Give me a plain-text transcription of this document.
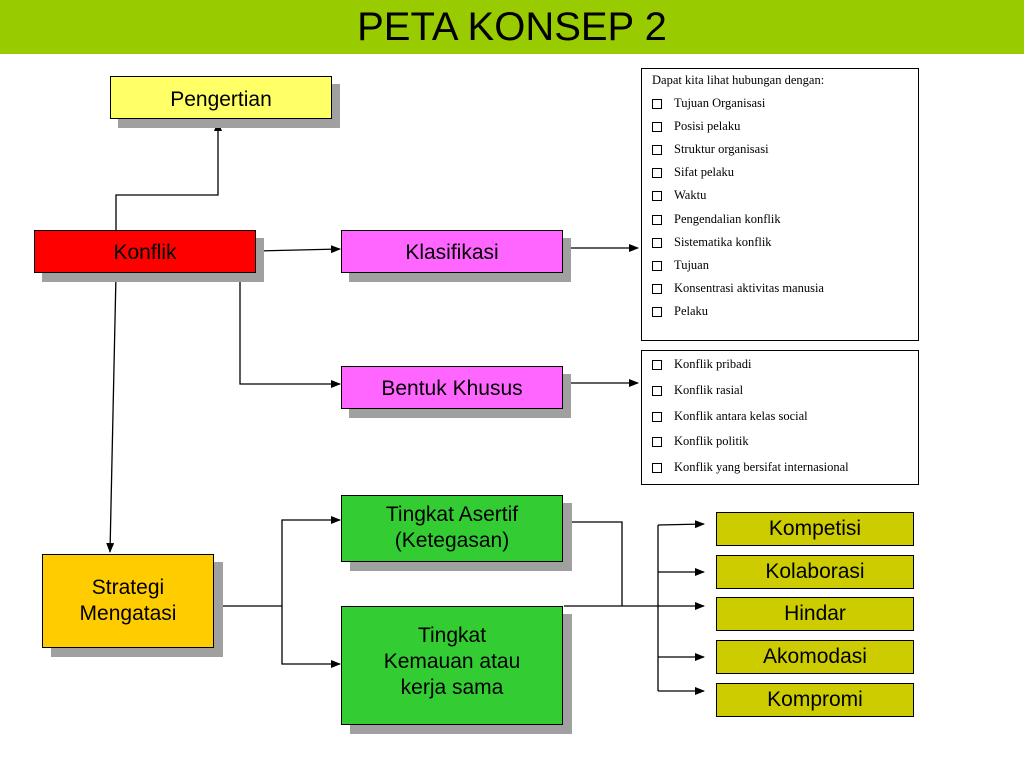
PETA KONSEP 2
Pengertian
Konflik	Klasifikasi
Bentuk Khusus
Dapat kita lihat hubungan dengan:
Tujuan Organisasi
Posisi pelaku
Struktur organisasi
Sifat pelaku
Waktu
Pengendalian konflik
Sistematika konflik
Tujuan
Konsentrasi aktivitas manusia
Pelaku
Konflik pribadi
Konflik rasial
Konflik antara kelas social
Konflik politik
Konflik yang bersifat internasional
Strategi
Mengatasi
Tingkat Asertif
(Ketegasan)
Tingkat
Kemauan atau
kerja sama
Kompetisi
Kolaborasi
Hindar
Akomodasi
Kompromi
